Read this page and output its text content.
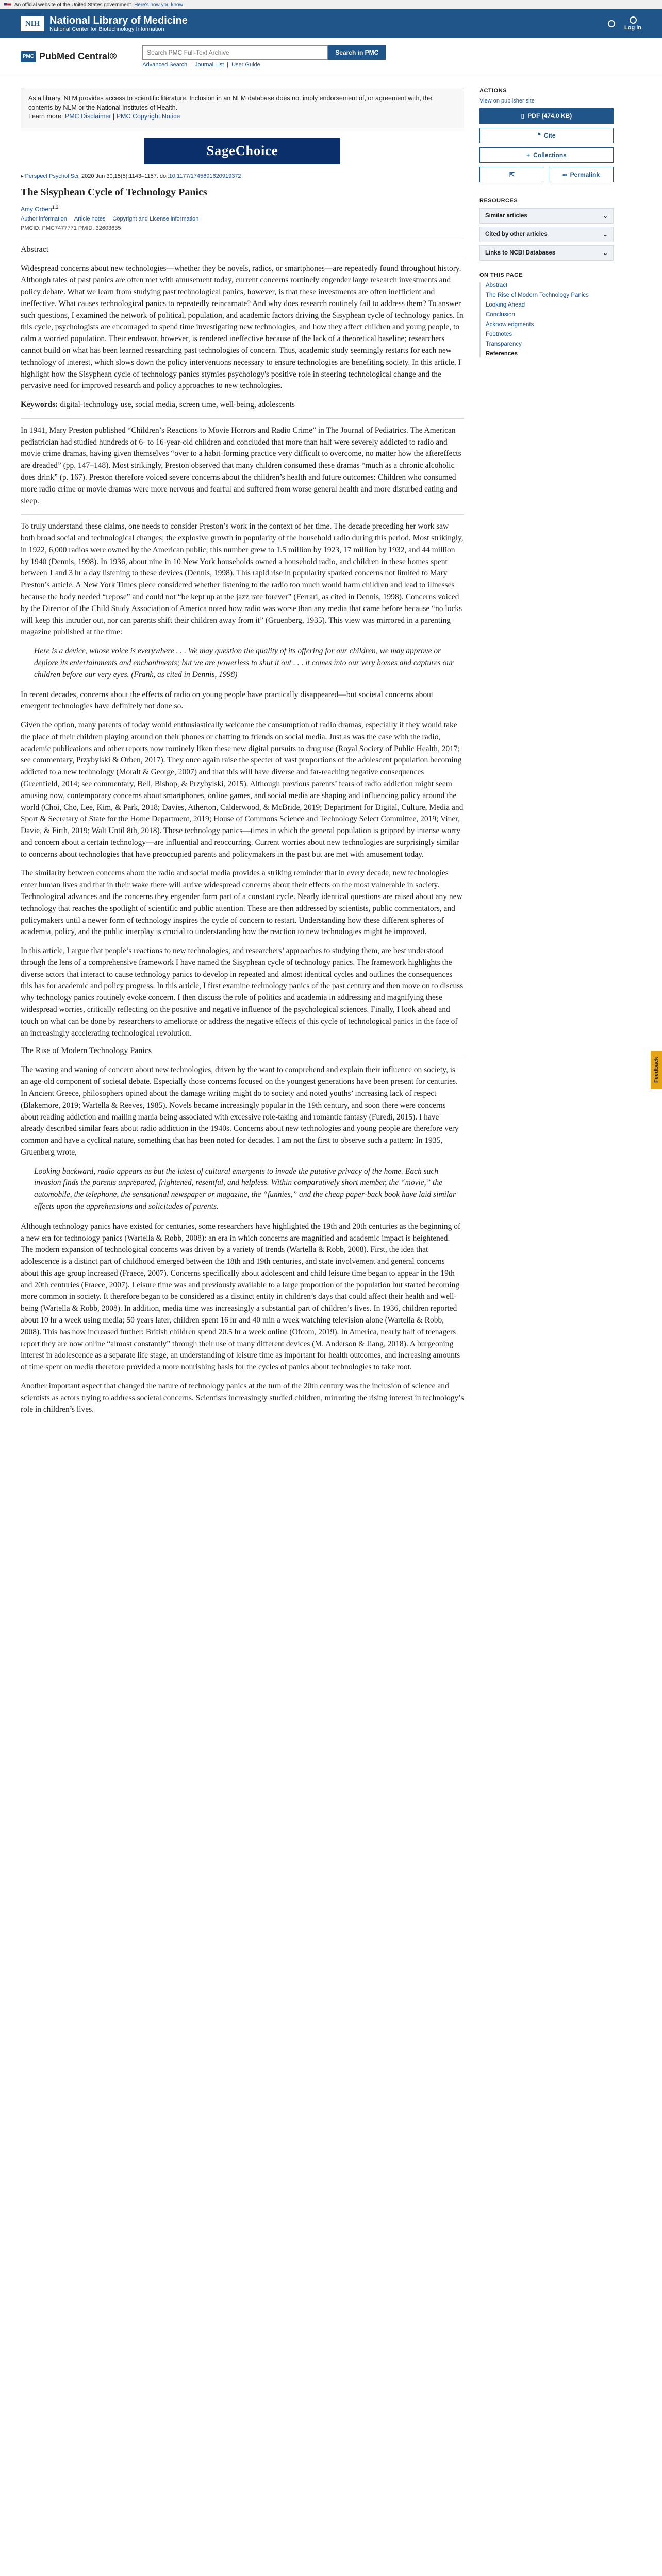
An official website of the United States government Here's how you know
NIH National Library of Medicine
National Center for Biotechnology Information	Log in
PMC PubMed Central®
Search PMC Full-Text Archive	Search in PMC
Advanced Search | Journal List | User Guide
As a library, NLM provides access to scientific literature. Inclusion in an NLM database does not imply endorsement of, or agreement with, the contents by NLM or the National Institutes of Health.
Learn more: PMC Disclaimer | PMC Copyright Notice
SageChoice
▸ Perspect Psychol Sci. 2020 Jun 30;15(5):1143–1157. doi:10.1177/1745691620919372
The Sisyphean Cycle of Technology Panics
Amy Orben$^{1,2}$
Author information Article notes Copyright and License information
PMCID: PMC7477771 PMID: 32603635
Abstract

Widespread concerns about new technologies—whether they be novels, radios, or smartphones—are repeatedly found throughout history. Although tales of past panics are often met with amusement today, current concerns routinely engender large research investments and policy debate. What we learn from studying past technological panics, however, is that these investments are often inefficient and ineffective. What causes technological panics to repeatedly reincarnate? And why does research routinely fail to address them? To answer such questions, I examined the network of political, population, and academic factors driving the Sisyphean cycle of technology panics. In this cycle, psychologists are encouraged to spend time investigating new technologies, and how they affect children and young people, to calm a worried population. Their endeavor, however, is rendered ineffective because of the lack of a theoretical baseline; researchers cannot build on what has been learned researching past technologies of concern. Thus, academic study seemingly restarts for each new technology of interest, which slows down the policy interventions necessary to ensure technologies are benefiting society. In this article, I highlight how the Sisyphean cycle of technology panics stymies psychology's positive role in steering technological change and the pervasive need for improved research and policy approaches to new technologies.

Keywords: digital-technology use, social media, screen time, well-being, adolescents

In 1941, Mary Preston published “Children’s Reactions to Movie Horrors and Radio Crime” in The Journal of Pediatrics. The American pediatrician had studied hundreds of 6- to 16-year-old children and concluded that more than half were severely addicted to radio and movie crime dramas, having given themselves “over to a habit-forming practice very difficult to overcome, no matter how the aftereffects are dreaded” (pp. 147–148). Most strikingly, Preston observed that many children consumed these dramas “much as a chronic alcoholic does drink” (p. 167). Preston therefore voiced severe concerns about the children’s health and future outcomes: Children who consumed more radio crime or movie dramas were more nervous and fearful and suffered from worse general health and more disturbed eating and sleep.

To truly understand these claims, one needs to consider Preston’s work in the context of her time. The decade preceding her work saw both broad social and technological changes; the explosive growth in popularity of the household radio during this period. Most strikingly, in 1922, 6,000 radios were owned by the American public; this number grew to 1.5 million by 1923, 17 million by 1932, and 44 million by 1940 (Dennis, 1998). In 1936, about nine in 10 New York households owned a household radio, and children in these homes spent between 1 and 3 hr a day listening to these devices (Dennis, 1998). This rapid rise in popularity sparked concerns not limited to Mary Preston’s article. A New York Times piece considered whether listening to the radio too much would harm children and lead to illnesses because the body needed “repose” and could not “be kept up at the jazz rate forever” (Ferrari, as cited in Dennis, 1998). Concerns voiced by the Director of the Child Study Association of America noted how radio was worse than any media that came before because “no locks will keep this intruder out, nor can parents shift their children away from it” (Gruenberg, 1935). This view was mirrored in a parenting magazine published at the time:

Here is a device, whose voice is everywhere . . . We may question the quality of its offering for our children, we may approve or deplore its entertainments and enchantments; but we are powerless to shut it out . . . it comes into our very homes and captures our children before our very eyes. (Frank, as cited in Dennis, 1998)

In recent decades, concerns about the effects of radio on young people have practically disappeared—but societal concerns about emergent technologies have definitely not done so.

Given the option, many parents of today would enthusiastically welcome the consumption of radio dramas, especially if they would take the place of their children playing around on their phones or chatting to friends on social media. Just as was the case with the radio, academic publications and other reports now routinely liken these new digital pursuits to drug use (Royal Society of Public Health, 2017; see commentary, Przybylski & Orben, 2017). They once again raise the specter of vast proportions of the adolescent population becoming addicted to a new technology (Moralt & George, 2007) and that this will have diverse and far-reaching negative consequences (Greenfield, 2014; see commentary, Bell, Bishop, & Przybylski, 2015). Although previous parents’ fears of radio addiction might seem amusing now, contemporary concerns about smartphones, online games, and social media are shaping and influencing policy around the world (Choi, Cho, Lee, Kim, & Park, 2018; Davies, Atherton, Calderwood, & McBride, 2019; Department for Digital, Culture, Media and Sport & Secretary of State for the Home Department, 2019; House of Commons Science and Technology Select Committee, 2019; Viner, Davie, & Firth, 2019; Walt Until 8th, 2018). These technology panics—times in which the general population is gripped by intense worry and concern about a certain technology—are influential and reoccurring. Current worries about new technologies are surprisingly similar to concerns about technologies that have preoccupied parents and policymakers in the past but are met with amusement today.

The similarity between concerns about the radio and social media provides a striking reminder that in every decade, new technologies enter human lives and that in their wake there will arrive widespread concerns about their effects on the most vulnerable in society. Technological advances and the concerns they engender form part of a constant cycle. Nearly identical questions are raised about any new technology that reaches the spotlight of scientific and public attention. These are then addressed by scientists, public commentators, and policymakers until a newer form of technology inspires the cycle of concern to restart. Understanding how these different spheres of academia, policy, and the public interplay is crucial to understanding how the reaction to new technologies might be improved.

In this article, I argue that people’s reactions to new technologies, and researchers’ approaches to studying them, are best understood through the lens of a comprehensive framework I have named the Sisyphean cycle of technology panics. The framework highlights the diverse actors that interact to cause technology panics to develop in repeated and almost identical cycles and outlines the consequences this has for academic and policy progress. In this article, I first examine technology panics of the past century and then move on to discuss why technology panics routinely evoke concern. I then discuss the role of politics and academia in addressing and magnifying these widespread worries, critically reflecting on the positive and negative influence of the psychological sciences. Finally, I look ahead and touch on what can be done by researchers to ameliorate or address the negative effects of this cycle of technological panics in the face of an increasingly accelerating technological revolution.

The Rise of Modern Technology Panics

The waxing and waning of concern about new technologies, driven by the want to comprehend and explain their influence on society, is an age-old component of societal debate. Especially those concerns focused on the youngest generations have been present for centuries. In Ancient Greece, philosophers opined about the damage writing might do to society and noted youths’ increasing lack of respect (Blakemore, 2019; Wartella & Reeves, 1985). Novels became increasingly popular in the 19th century, and soon there were concerns about reading addiction and mailing mania being associated with excessive role-taking and romantic fantasy (Furedi, 2015). I have already described similar fears about radio addiction in the 1940s. Concerns about new technologies and young people are therefore very common and have a cyclical nature, something that has been noted for decades. I am not the first to observe such a pattern: In 1935, Gruenberg wrote,

Looking backward, radio appears as but the latest of cultural emergents to invade the putative privacy of the home. Each such invasion finds the parents unprepared, frightened, resentful, and helpless. Within comparatively short member, the “movie,” the automobile, the telephone, the sensational newspaper or magazine, the “funnies,” and the cheap paper-back book have laid similar effects upon the apprehensions and solicitudes of parents.

Although technology panics have existed for centuries, some researchers have highlighted the 19th and 20th centuries as the beginning of a new era for technology panics (Wartella & Robb, 2008): an era in which concerns are magnified and academic impact is heightened. The modern expansion of technological concerns was driven by a variety of trends (Wartella & Robb, 2008). First, the idea that adolescence is a distinct part of childhood emerged between the 18th and 19th centuries, and state involvement and general concerns about this age group increased (Fraece, 2007). Concerns specifically about adolescent and child leisure time began to appear in the 19th and 20th centuries (Fraece, 2007). Leisure time was and previously available to a large proportion of the population but started becoming more common in society. It therefore began to be considered as a distinct entity in children’s days that could affect their health and well-being (Wartella & Robb, 2008). In addition, media time was increasingly a substantial part of children’s lives. In 1936, children reported about 10 hr a week using media; 50 years later, children spent 16 hr and 40 min a week watching television alone (Wartella & Robb, 2008). This has now increased further: British children spend 20.5 hr a week online (Ofcom, 2019). In America, nearly half of teenagers report they are now online “almost constantly” through their use of many different devices (M. Anderson & Jiang, 2018). A burgeoning interest in adolescence as a separate life stage, an understanding of leisure time as important for health outcomes, and increasing amounts of time spent on media therefore provided a more nourishing basis for the cycles of panics about technologies to take root.

Another important aspect that changed the nature of technology panics at the turn of the 20th century was the inclusion of science and scientists as actors trying to address societal concerns. Scientists increasingly studied children, mirroring the rising interest in technology’s role in children’s lives.

ACTIONS
View on publisher site
▯ PDF (474.0 KB)
❝ Cite
+ Collections
⇱	∞ Permalink
RESOURCES
Similar articles	⌄
Cited by other articles	⌄
Links to NCBI Databases	⌄
ON THIS PAGE
Abstract
The Rise of Modern Technology Panics
Looking Ahead
Conclusion
Acknowledgments
Footnotes
Transparency
References
Feedback
